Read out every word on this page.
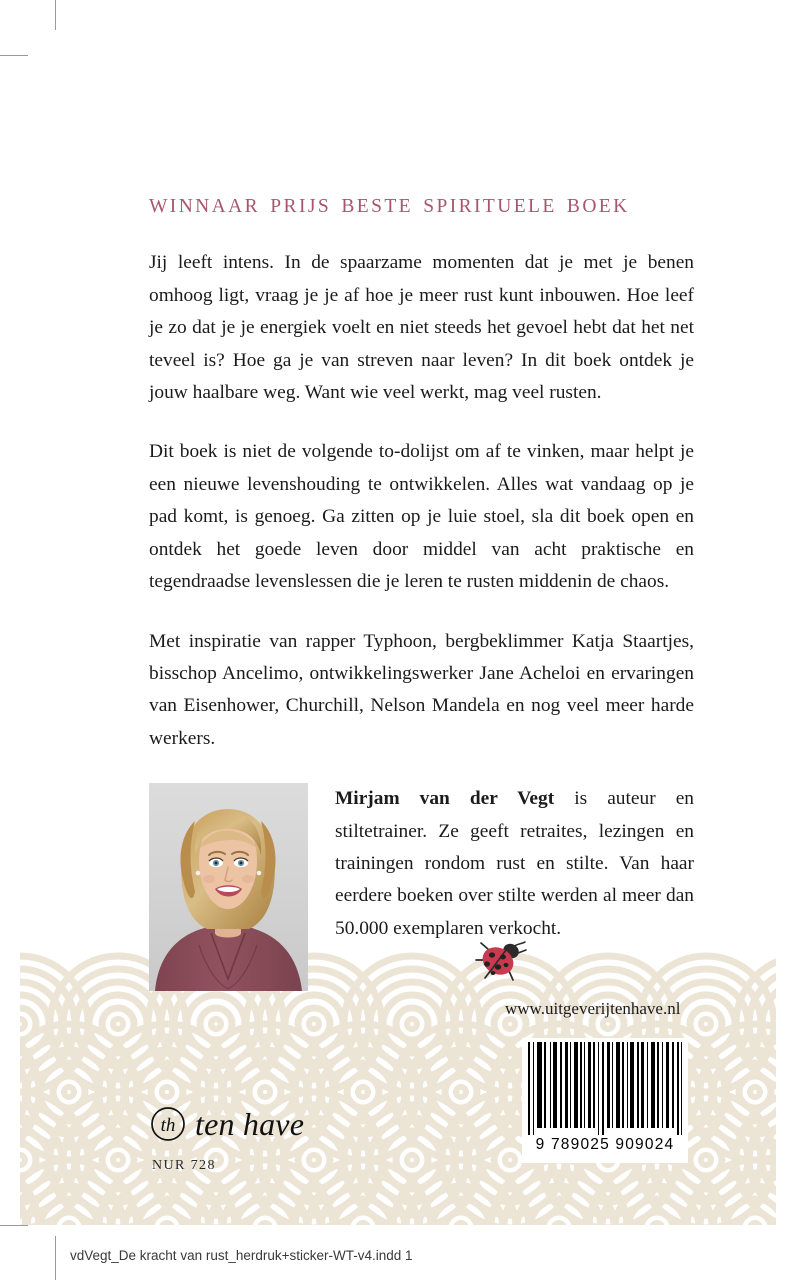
WINNAAR PRIJS BESTE SPIRITUELE BOEK

Jij leeft intens. In de spaarzame momenten dat je met je benen omhoog ligt, vraag je je af hoe je meer rust kunt inbouwen. Hoe leef je zo dat je je energiek voelt en niet steeds het gevoel hebt dat het net teveel is? Hoe ga je van streven naar leven? In dit boek ontdek je jouw haalbare weg. Want wie veel werkt, mag veel rusten.

Dit boek is niet de volgende to-dolijst om af te vinken, maar helpt je een nieuwe levenshouding te ontwikkelen. Alles wat vandaag op je pad komt, is genoeg. Ga zitten op je luie stoel, sla dit boek open en ontdek het goede leven door middel van acht praktische en tegendraadse levenslessen die je leren te rusten middenin de chaos.

Met inspiratie van rapper Typhoon, bergbeklimmer Katja Staartjes, bisschop Ancelimo, ontwikkelingswerker Jane Acheloi en ervaringen van Eisenhower, Churchill, Nelson Mandela en nog veel meer harde werkers.

Mirjam van der Vegt is auteur en stiltetrainer. Ze geeft retraites, lezingen en trainingen rondom rust en stilte. Van haar eerdere boeken over stilte werden al meer dan 50.000 exemplaren verkocht.

www.uitgeverijtenhave.nl
9 789025 909024
th ten have
NUR 728
vdVegt_De kracht van rust_herdruk+sticker-WT-v4.indd 1
